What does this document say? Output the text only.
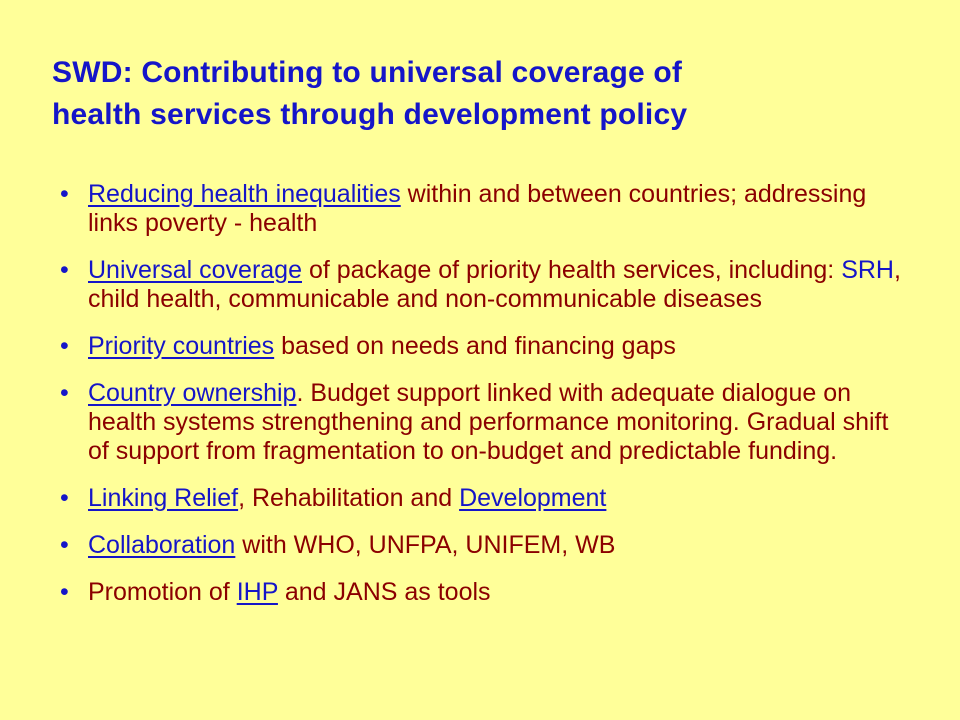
SWD: Contributing to universal coverage of
health services through development policy
• Reducing health inequalities within and between countries; addressing links poverty - health
• Universal coverage of package of priority health services, including: SRH, child health, communicable and non-communicable diseases
• Priority countries based on needs and financing gaps
• Country ownership. Budget support linked with adequate dialogue on health systems strengthening and performance monitoring. Gradual shift of support from fragmentation to on-budget and predictable funding.
• Linking Relief, Rehabilitation and Development
• Collaboration with WHO, UNFPA, UNIFEM, WB
• Promotion of IHP and JANS as tools
